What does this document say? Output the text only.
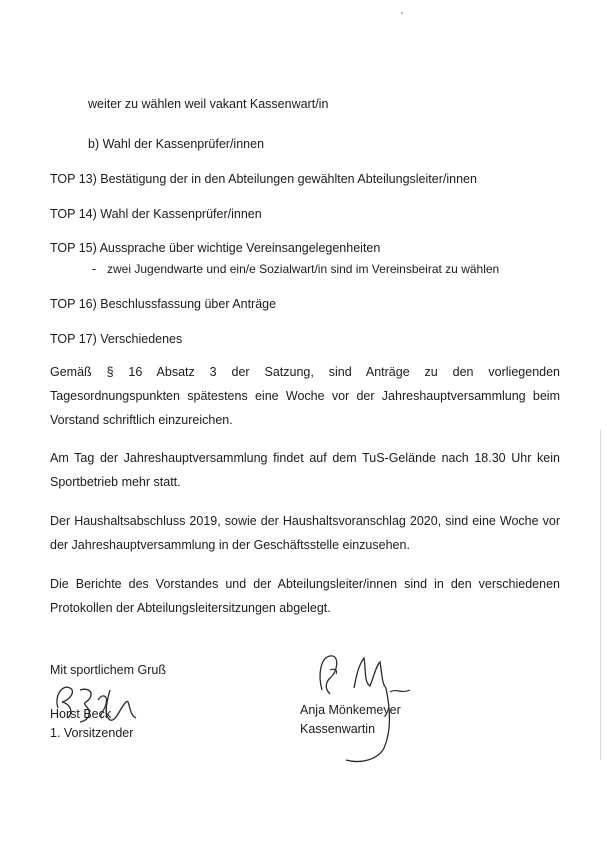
weiter zu wählen weil vakant Kassenwart/in
b) Wahl der Kassenprüfer/innen
TOP 13) Bestätigung der in den Abteilungen gewählten Abteilungsleiter/innen
TOP 14) Wahl der Kassenprüfer/innen
TOP 15) Aussprache über wichtige Vereinsangelegenheiten
- zwei Jugendwarte und ein/e Sozialwart/in sind im Vereinsbeirat zu wählen
TOP 16) Beschlussfassung über Anträge
TOP 17) Verschiedenes
Gemäß § 16 Absatz 3 der Satzung, sind Anträge zu den vorliegenden Tagesordnungspunkten spätestens eine Woche vor der Jahreshauptversammlung beim Vorstand schriftlich einzureichen.
Am Tag der Jahreshauptversammlung findet auf dem TuS-Gelände nach 18.30 Uhr kein Sportbetrieb mehr statt.
Der Haushaltsabschluss 2019, sowie der Haushaltsvoranschlag 2020, sind eine Woche vor der Jahreshauptversammlung in der Geschäftsstelle einzusehen.
Die Berichte des Vorstandes und der Abteilungsleiter/innen sind in den verschiedenen Protokollen der Abteilungsleitersitzungen abgelegt.
Mit sportlichem Gruß
Horst Beck
1. Vorsitzender
Anja Mönkemeyer
Kassenwartin
